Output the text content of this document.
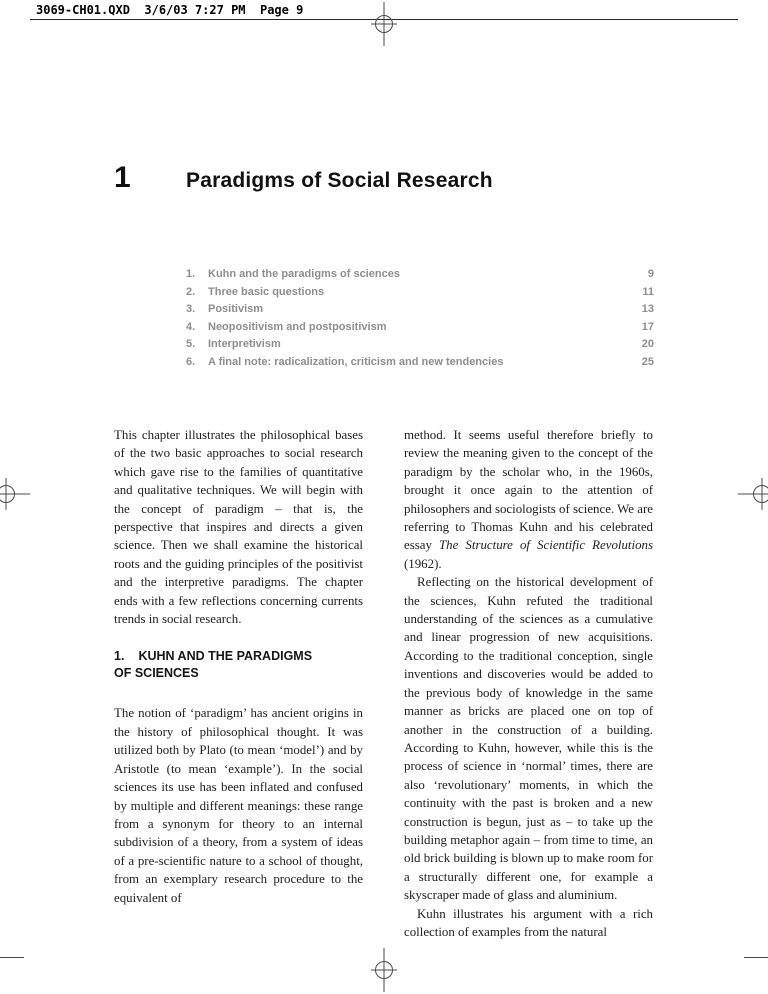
3069-CH01.QXD  3/6/03 7:27 PM  Page 9
1	Paradigms of Social Research
1.	Kuhn and the paradigms of sciences	9
2.	Three basic questions	11
3.	Positivism	13
4.	Neopositivism and postpositivism	17
5.	Interpretivism	20
6.	A final note: radicalization, criticism and new tendencies	25

This chapter illustrates the philosophical bases of the two basic approaches to social research which gave rise to the families of quantitative and qualitative techniques. We will begin with the concept of paradigm – that is, the perspective that inspires and directs a given science. Then we shall examine the historical roots and the guiding principles of the positivist and the interpretive paradigms. The chapter ends with a few reflections concerning currents trends in social research.

1. KUHN AND THE PARADIGMS
OF SCIENCES

The notion of ‘paradigm’ has ancient origins in the history of philosophical thought. It was utilized both by Plato (to mean ‘model’) and by Aristotle (to mean ‘example’). In the social sciences its use has been inflated and confused by multiple and different meanings: these range from a synonym for theory to an internal subdivision of a theory, from a system of ideas of a pre-scientific nature to a school of thought, from an exemplary research procedure to the equivalent of

method. It seems useful therefore briefly to review the meaning given to the concept of the paradigm by the scholar who, in the 1960s, brought it once again to the attention of philosophers and sociologists of science. We are referring to Thomas Kuhn and his celebrated essay The Structure of Scientific Revolutions (1962).

Reflecting on the historical development of the sciences, Kuhn refuted the traditional understanding of the sciences as a cumulative and linear progression of new acquisitions. According to the traditional conception, single inventions and discoveries would be added to the previous body of knowledge in the same manner as bricks are placed one on top of another in the construction of a building. According to Kuhn, however, while this is the process of science in ‘normal’ times, there are also ‘revolutionary’ moments, in which the continuity with the past is broken and a new construction is begun, just as – to take up the building metaphor again – from time to time, an old brick building is blown up to make room for a structurally different one, for example a skyscraper made of glass and aluminium.

Kuhn illustrates his argument with a rich collection of examples from the natural
